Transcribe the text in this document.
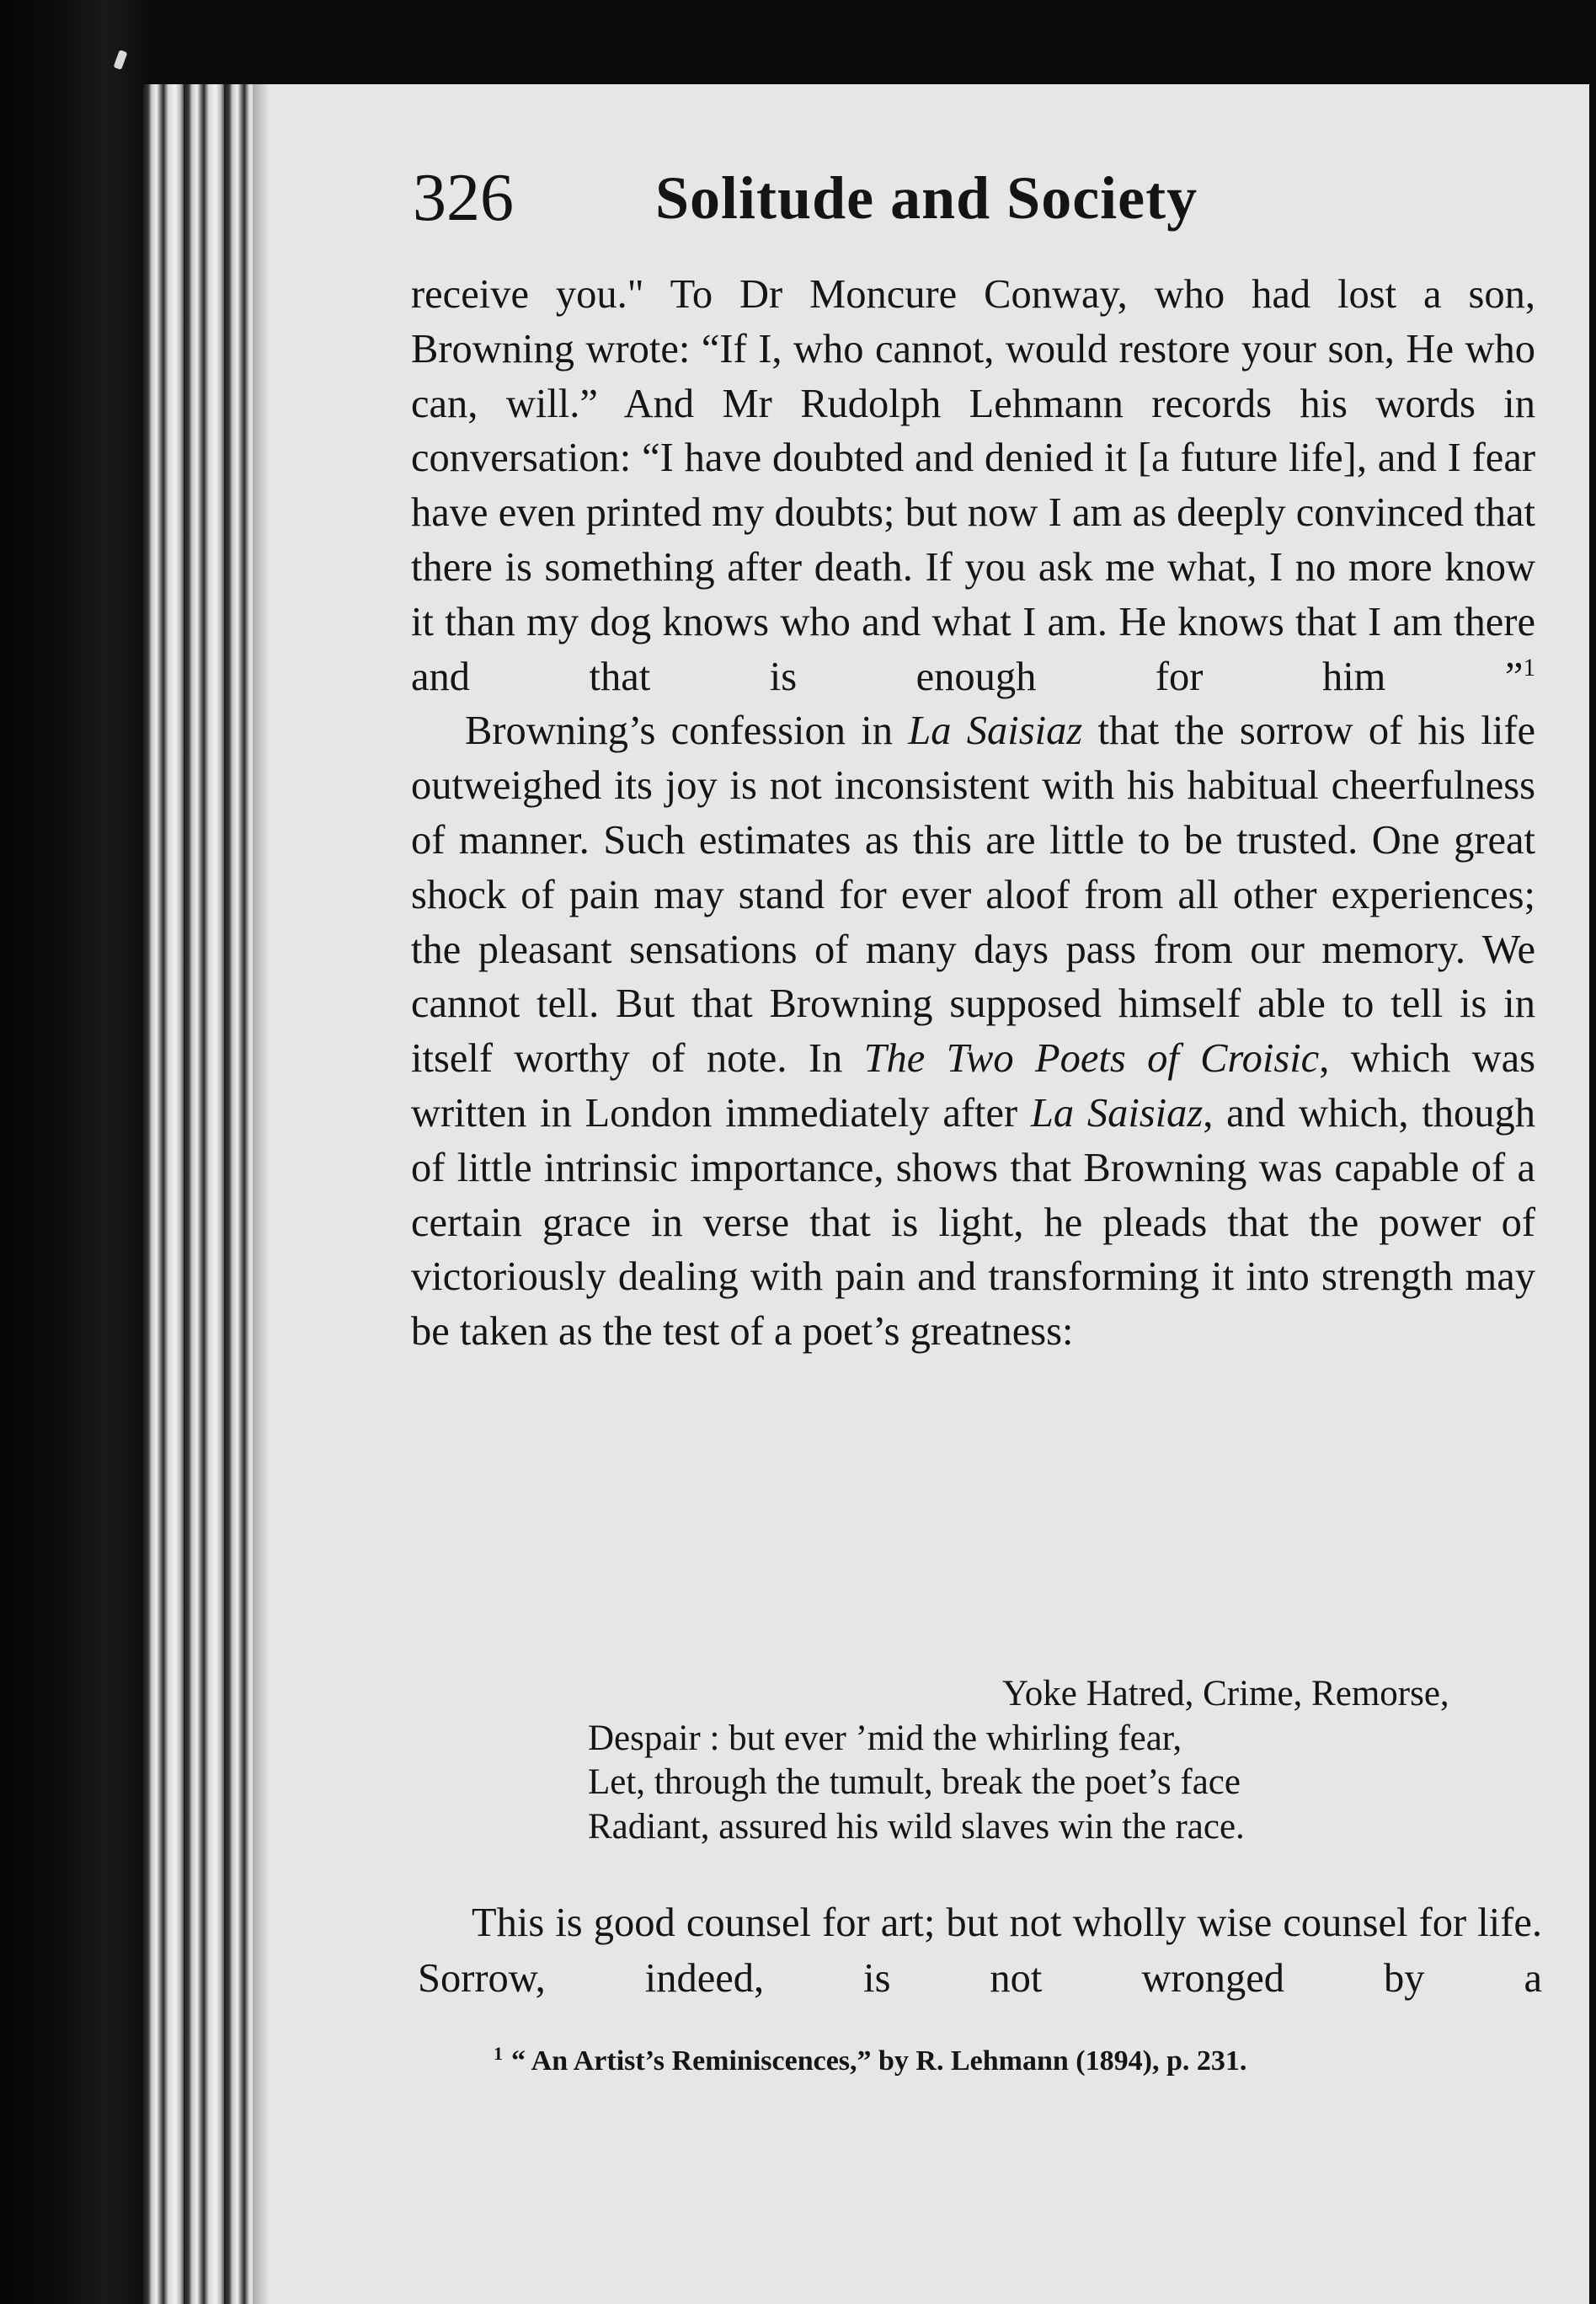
326 Solitude and Society

receive you." To Dr Moncure Conway, who had lost a son, Browning wrote: “If I, who cannot, would restore your son, He who can, will.” And Mr Rudolph Lehmann records his words in conversation: “I have doubted and denied it [a future life], and I fear have even printed my doubts; but now I am as deeply convinced that there is something after death. If you ask me what, I no more know it than my dog knows who and what I am. He knows that I am there and that is enough for him ”$^1$

Browning’s confession in La Saisiaz that the sorrow of his life outweighed its joy is not inconsistent with his habitual cheerfulness of manner. Such estimates as this are little to be trusted. One great shock of pain may stand for ever aloof from all other experiences; the pleasant sensations of many days pass from our memory. We cannot tell. But that Browning supposed himself able to tell is in itself worthy of note. In The Two Poets of Croisic, which was written in London immediately after La Saisiaz, and which, though of little intrinsic importance, shows that Browning was capable of a certain grace in verse that is light, he pleads that the power of victoriously dealing with pain and transforming it into strength may be taken as the test of a poet’s greatness:

Yoke Hatred, Crime, Remorse,
Despair : but ever ’mid the whirling fear,
Let, through the tumult, break the poet’s face
Radiant, assured his wild slaves win the race.

This is good counsel for art; but not wholly wise counsel for life. Sorrow, indeed, is not wronged by a

$^1$ “ An Artist’s Reminiscences,” by R. Lehmann (1894), p. 231.
